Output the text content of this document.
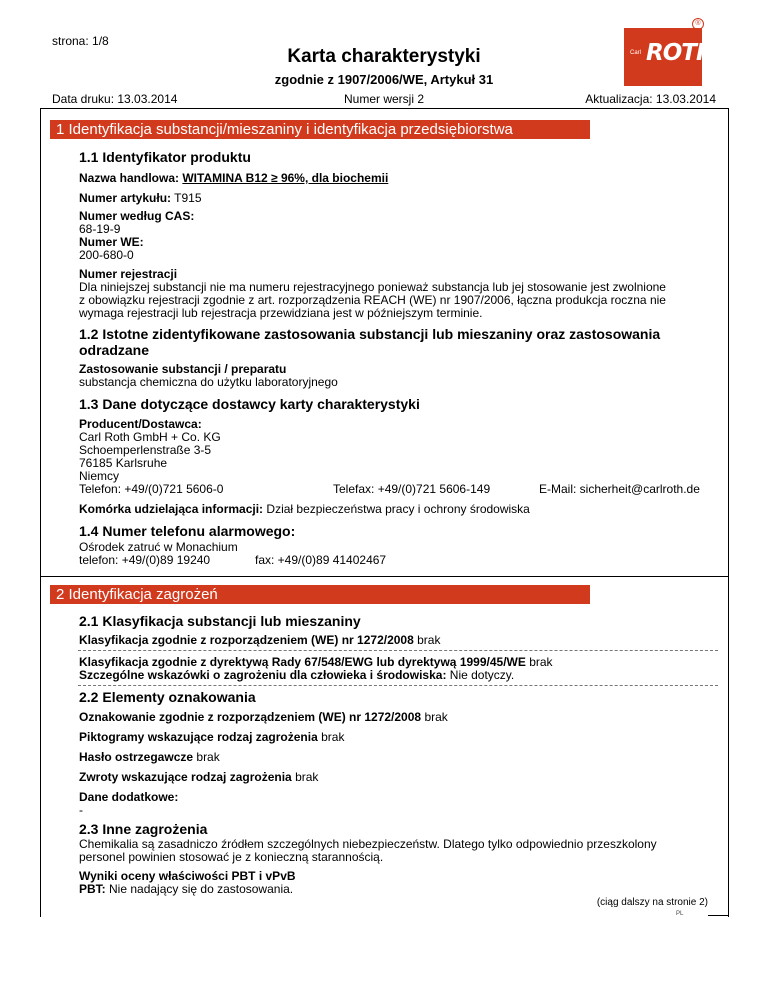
strona: 1/8
Karta charakterystyki
zgodnie z 1907/2006/WE, Artykuł 31
®
Carl ROTH
Data druku: 13.03.2014	Numer wersji 2	Aktualizacja: 13.03.2014
1 Identyfikacja substancji/mieszaniny i identyfikacja przedsiębiorstwa
1.1 Identyfikator produktu
Nazwa handlowa: WITAMINA B12 ≥ 96%, dla biochemii
Numer artykułu: T915
Numer według CAS:
68-19-9
Numer WE:
200-680-0
Numer rejestracji
Dla niniejszej substancji nie ma numeru rejestracyjnego ponieważ substancja lub jej stosowanie jest zwolnione
z obowiązku rejestracji zgodnie z art. rozporządzenia REACH (WE) nr 1907/2006, łączna produkcja roczna nie
wymaga rejestracji lub rejestracja przewidziana jest w późniejszym terminie.
1.2 Istotne zidentyfikowane zastosowania substancji lub mieszaniny oraz zastosowania
odradzane
Zastosowanie substancji / preparatu
substancja chemiczna do użytku laboratoryjnego
1.3 Dane dotyczące dostawcy karty charakterystyki
Producent/Dostawca:
Carl Roth GmbH + Co. KG
Schoemperlenstraße 3-5
76185 Karlsruhe
Niemcy
Telefon: +49/(0)721 5606-0	Telefax: +49/(0)721 5606-149	E-Mail: sicherheit@carlroth.de
Komórka udzielająca informacji: Dział bezpieczeństwa pracy i ochrony środowiska
1.4 Numer telefonu alarmowego:
Ośrodek zatruć w Monachium
telefon: +49/(0)89 19240	fax: +49/(0)89 41402467
2 Identyfikacja zagrożeń
2.1 Klasyfikacja substancji lub mieszaniny
Klasyfikacja zgodnie z rozporządzeniem (WE) nr 1272/2008 brak
Klasyfikacja zgodnie z dyrektywą Rady 67/548/EWG lub dyrektywą 1999/45/WE brak
Szczególne wskazówki o zagrożeniu dla człowieka i środowiska: Nie dotyczy.
2.2 Elementy oznakowania
Oznakowanie zgodnie z rozporządzeniem (WE) nr 1272/2008 brak
Piktogramy wskazujące rodzaj zagrożenia brak
Hasło ostrzegawcze brak
Zwroty wskazujące rodzaj zagrożenia brak
Dane dodatkowe:
-
2.3 Inne zagrożenia
Chemikalia są zasadniczo źródłem szczególnych niebezpieczeństw. Dlatego tylko odpowiednio przeszkolony
personel powinien stosować je z konieczną starannością.
Wyniki oceny właściwości PBT i vPvB
PBT: Nie nadający się do zastosowania.
(ciąg dalszy na stronie 2)
PL
